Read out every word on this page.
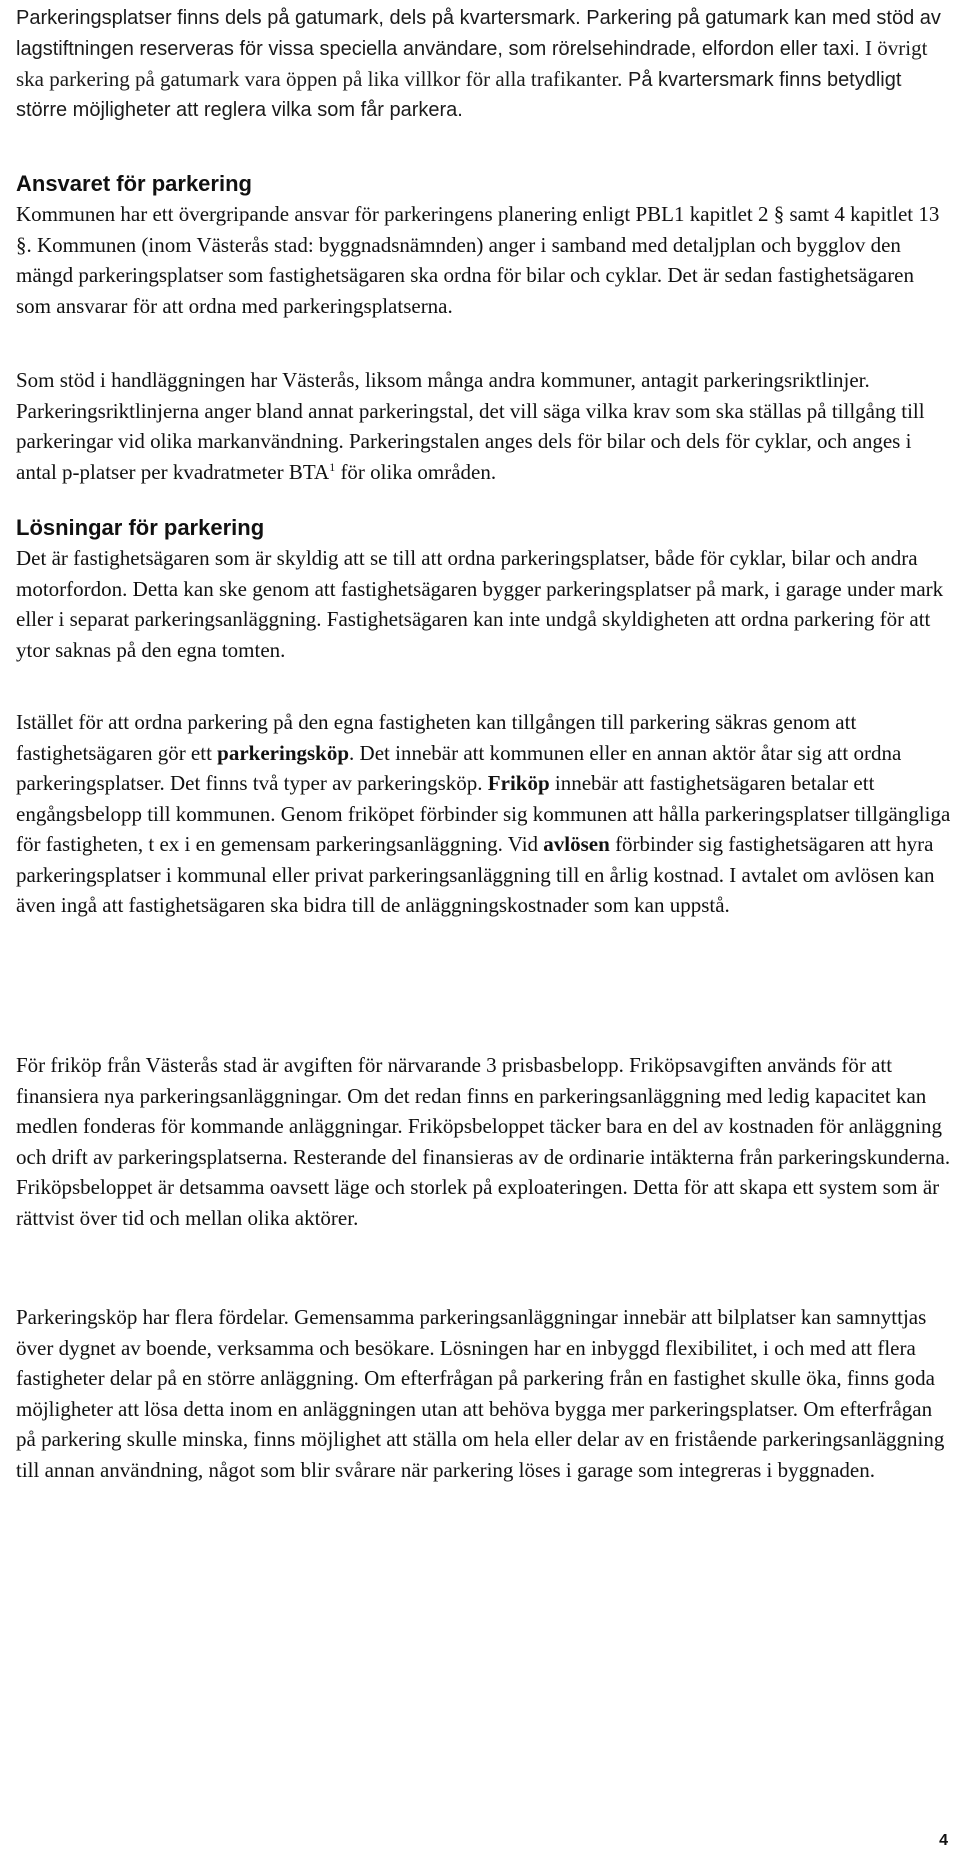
Parkeringsplatser finns dels på gatumark, dels på kvartersmark. Parkering på gatumark kan med stöd av lagstiftningen reserveras för vissa speciella användare, som rörelsehindrade, elfordon eller taxi. I övrigt ska parkering på gatumark vara öppen på lika villkor för alla trafikanter. På kvartersmark finns betydligt större möjligheter att reglera vilka som får parkera.
Ansvaret för parkering

Kommunen har ett övergripande ansvar för parkeringens planering enligt PBL1 kapitlet 2 § samt 4 kapitlet 13 §. Kommunen (inom Västerås stad: byggnadsnämnden) anger i samband med detaljplan och bygglov den mängd parkeringsplatser som fastighetsägaren ska ordna för bilar och cyklar. Det är sedan fastighetsägaren som ansvarar för att ordna med parkeringsplatserna.

Som stöd i handläggningen har Västerås, liksom många andra kommuner, antagit parkeringsriktlinjer. Parkeringsriktlinjerna anger bland annat parkeringstal, det vill säga vilka krav som ska ställas på tillgång till parkeringar vid olika markanvändning. Parkeringstalen anges dels för bilar och dels för cyklar, och anges i antal p-platser per kvadratmeter BTA$^1$ för olika områden.

Lösningar för parkering

Det är fastighetsägaren som är skyldig att se till att ordna parkeringsplatser, både för cyklar, bilar och andra motorfordon. Detta kan ske genom att fastighetsägaren bygger parkeringsplatser på mark, i garage under mark eller i separat parkeringsanläggning. Fastighetsägaren kan inte undgå skyldigheten att ordna parkering för att ytor saknas på den egna tomten.

Istället för att ordna parkering på den egna fastigheten kan tillgången till parkering säkras genom att fastighetsägaren gör ett parkeringsköp. Det innebär att kommunen eller en annan aktör åtar sig att ordna parkeringsplatser. Det finns två typer av parkeringsköp. Friköp innebär att fastighetsägaren betalar ett engångsbelopp till kommunen. Genom friköpet förbinder sig kommunen att hålla parkeringsplatser tillgängliga för fastigheten, t ex i en gemensam parkeringsanläggning. Vid avlösen förbinder sig fastighetsägaren att hyra parkeringsplatser i kommunal eller privat parkeringsanläggning till en årlig kostnad. I avtalet om avlösen kan även ingå att fastighetsägaren ska bidra till de anläggningskostnader som kan uppstå.

För friköp från Västerås stad är avgiften för närvarande 3 prisbasbelopp. Friköpsavgiften används för att finansiera nya parkeringsanläggningar. Om det redan finns en parkeringsanläggning med ledig kapacitet kan medlen fonderas för kommande anläggningar. Friköpsbeloppet täcker bara en del av kostnaden för anläggning och drift av parkeringsplatserna. Resterande del finansieras av de ordinarie intäkterna från parkeringskunderna. Friköpsbeloppet är detsamma oavsett läge och storlek på exploateringen. Detta för att skapa ett system som är rättvist över tid och mellan olika aktörer.

Parkeringsköp har flera fördelar. Gemensamma parkeringsanläggningar innebär att bilplatser kan samnyttjas över dygnet av boende, verksamma och besökare. Lösningen har en inbyggd flexibilitet, i och med att flera fastigheter delar på en större anläggning. Om efterfrågan på parkering från en fastighet skulle öka, finns goda möjligheter att lösa detta inom en anläggningen utan att behöva bygga mer parkeringsplatser. Om efterfrågan på parkering skulle minska, finns möjlighet att ställa om hela eller delar av en fristående parkeringsanläggning till annan användning, något som blir svårare när parkering löses i garage som integreras i byggnaden.

4
